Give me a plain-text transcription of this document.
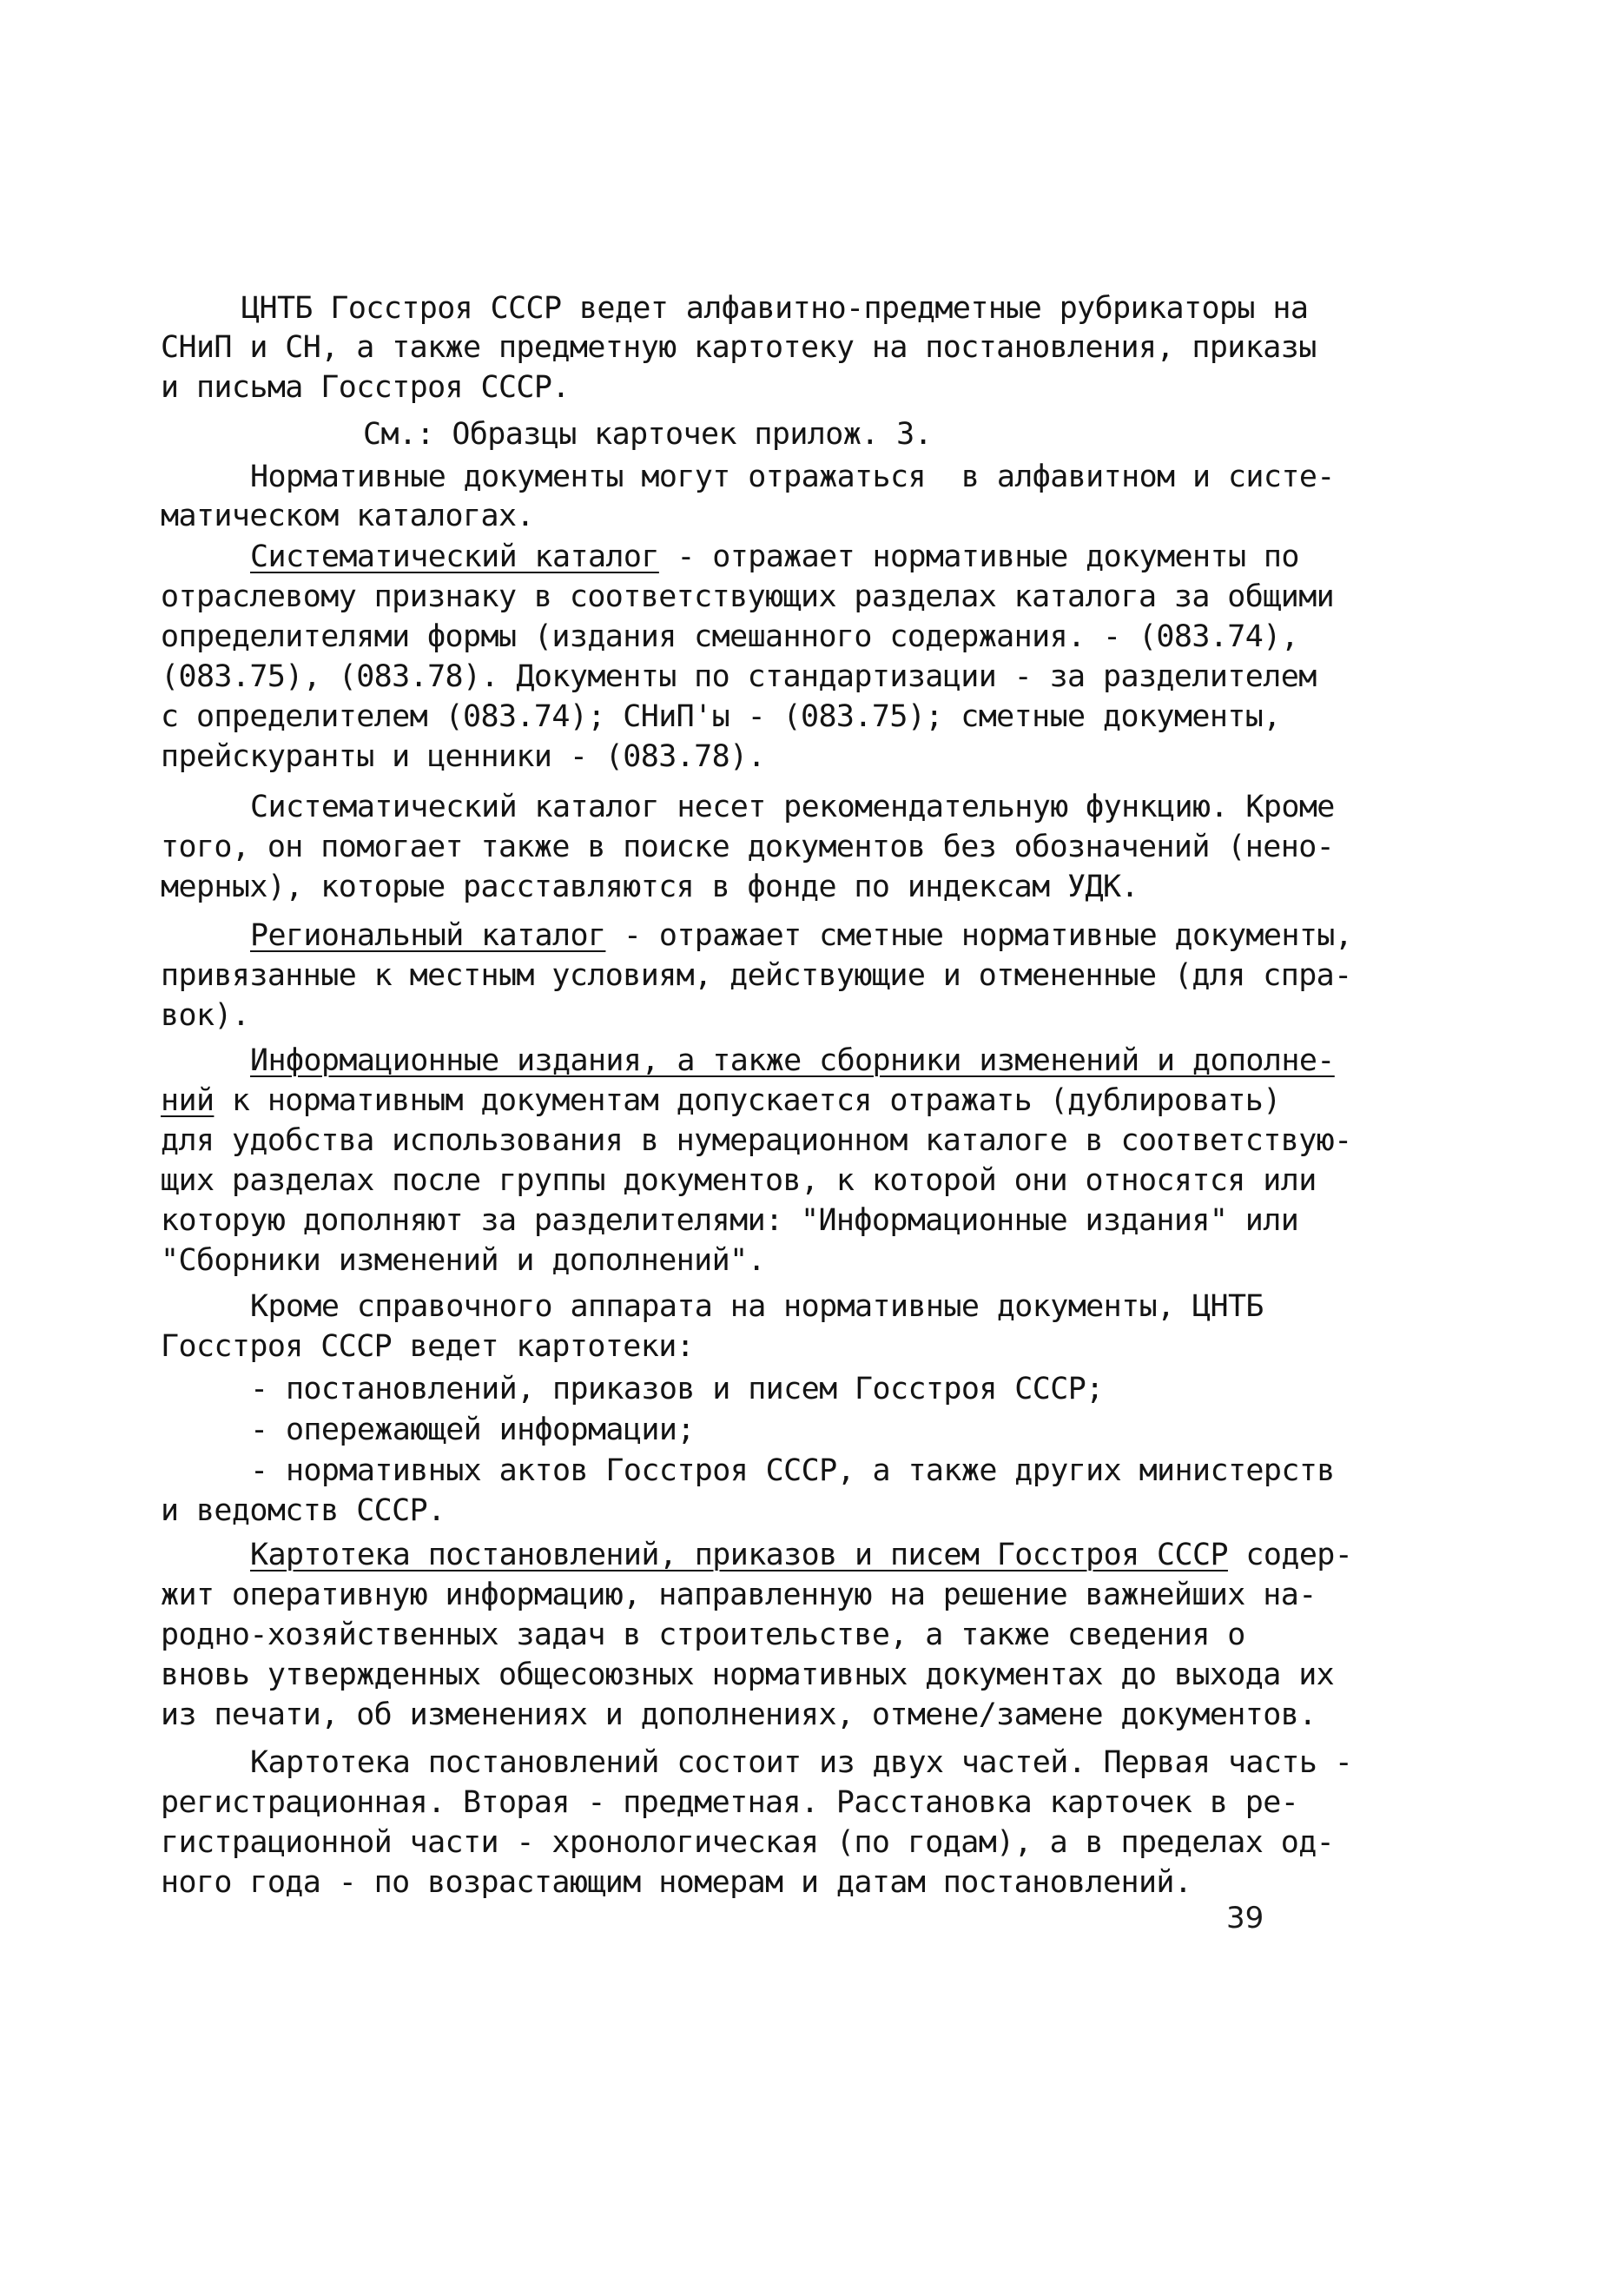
ЦНТБ Госстроя СССР ведет алфавитно-предметные рубрикаторы на
СНиП и СН, а также предметную картотеку на постановления, приказы
и письма Госстроя СССР.
См.: Образцы карточек прилож. 3.
Нормативные документы могут отражаться  в алфавитном и систе-
матическом каталогах.
Систематический каталог - отражает нормативные документы по
отраслевому признаку в соответствующих разделах каталога за общими
определителями формы (издания смешанного содержания. - (083.74),
(083.75), (083.78). Документы по стандартизации - за разделителем
с определителем (083.74); СНиП'ы - (083.75); сметные документы,
прейскуранты и ценники - (083.78).
Систематический каталог несет рекомендательную функцию. Кроме
того, он помогает также в поиске документов без обозначений (нено-
мерных), которые расставляются в фонде по индексам УДК.
Региональный каталог - отражает сметные нормативные документы,
привязанные к местным условиям, действующие и отмененные (для спра-
вок).
Информационные издания, а также сборники изменений и дополне-
ний к нормативным документам допускается отражать (дублировать)
для удобства использования в нумерационном каталоге в соответствую-
щих разделах после группы документов, к которой они относятся или
которую дополняют за разделителями: "Информационные издания" или
"Сборники изменений и дополнений".
Кроме справочного аппарата на нормативные документы, ЦНТБ
Госстроя СССР ведет картотеки:
- постановлений, приказов и писем Госстроя СССР;
- опережающей информации;
- нормативных актов Госстроя СССР, а также других министерств
и ведомств СССР.
Картотека постановлений, приказов и писем Госстроя СССР содер-
жит оперативную информацию, направленную на решение важнейших на-
родно-хозяйственных задач в строительстве, а также сведения о
вновь утвержденных общесоюзных нормативных документах до выхода их
из печати, об изменениях и дополнениях, отмене/замене документов.
Картотека постановлений состоит из двух частей. Первая часть -
регистрационная. Вторая - предметная. Расстановка карточек в ре-
гистрационной части - хронологическая (по годам), а в пределах од-
ного года - по возрастающим номерам и датам постановлений.
39
